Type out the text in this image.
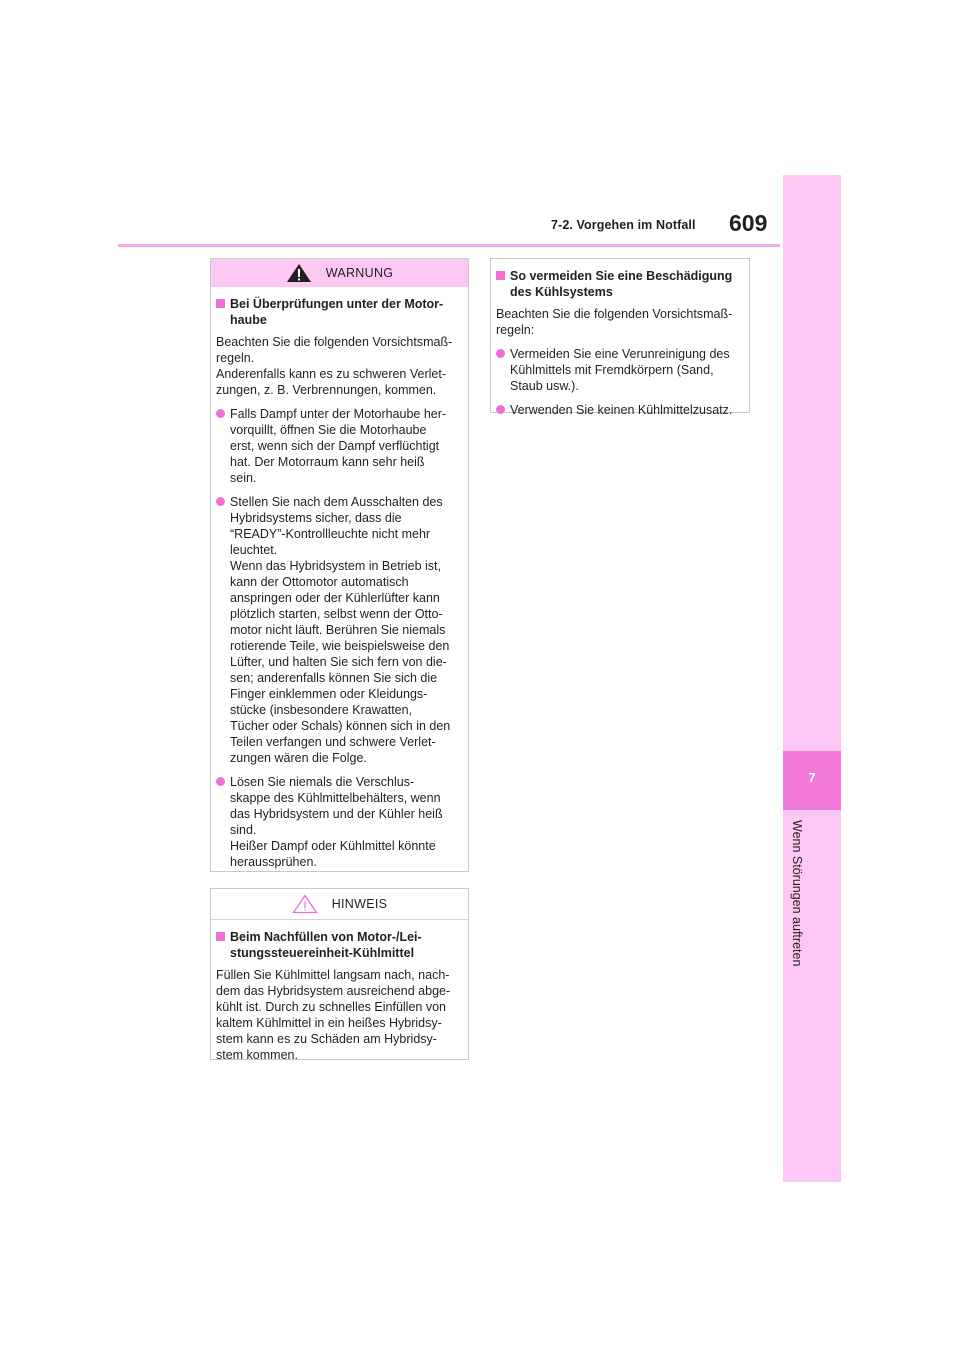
7-2. Vorgehen im Notfall 609
7
Wenn Störungen auftreten
WARNUNG
Bei Überprüfungen unter der Motor-haube
Beachten Sie die folgenden Vorsichtsmaß-
regeln.
Anderenfalls kann es zu schweren Verlet-
zungen, z. B. Verbrennungen, kommen.
Falls Dampf unter der Motorhaube her-
vorquillt, öffnen Sie die Motorhaube
erst, wenn sich der Dampf verflüchtigt
hat. Der Motorraum kann sehr heiß
sein.
Stellen Sie nach dem Ausschalten des
Hybridsystems sicher, dass die
“READY”-Kontrollleuchte nicht mehr
leuchtet.
Wenn das Hybridsystem in Betrieb ist,
kann der Ottomotor automatisch
anspringen oder der Kühlerlüfter kann
plötzlich starten, selbst wenn der Otto-
motor nicht läuft. Berühren Sie niemals
rotierende Teile, wie beispielsweise den
Lüfter, und halten Sie sich fern von die-
sen; anderenfalls können Sie sich die
Finger einklemmen oder Kleidungs-
stücke (insbesondere Krawatten,
Tücher oder Schals) können sich in den
Teilen verfangen und schwere Verlet-
zungen wären die Folge.
Lösen Sie niemals die Verschlus-
skappe des Kühlmittelbehälters, wenn
das Hybridsystem und der Kühler heiß
sind.
Heißer Dampf oder Kühlmittel könnte
heraussprühen.
HINWEIS
Beim Nachfüllen von Motor-/Lei-stungssteuereinheit-Kühlmittel
Füllen Sie Kühlmittel langsam nach, nach-
dem das Hybridsystem ausreichend abge-
kühlt ist. Durch zu schnelles Einfüllen von
kaltem Kühlmittel in ein heißes Hybridsy-
stem kann es zu Schäden am Hybridsy-
stem kommen.
So vermeiden Sie eine Beschädigung des Kühlsystems
Beachten Sie die folgenden Vorsichtsmaß-
regeln:
Vermeiden Sie eine Verunreinigung des
Kühlmittels mit Fremdkörpern (Sand,
Staub usw.).
Verwenden Sie keinen Kühlmittelzusatz.
